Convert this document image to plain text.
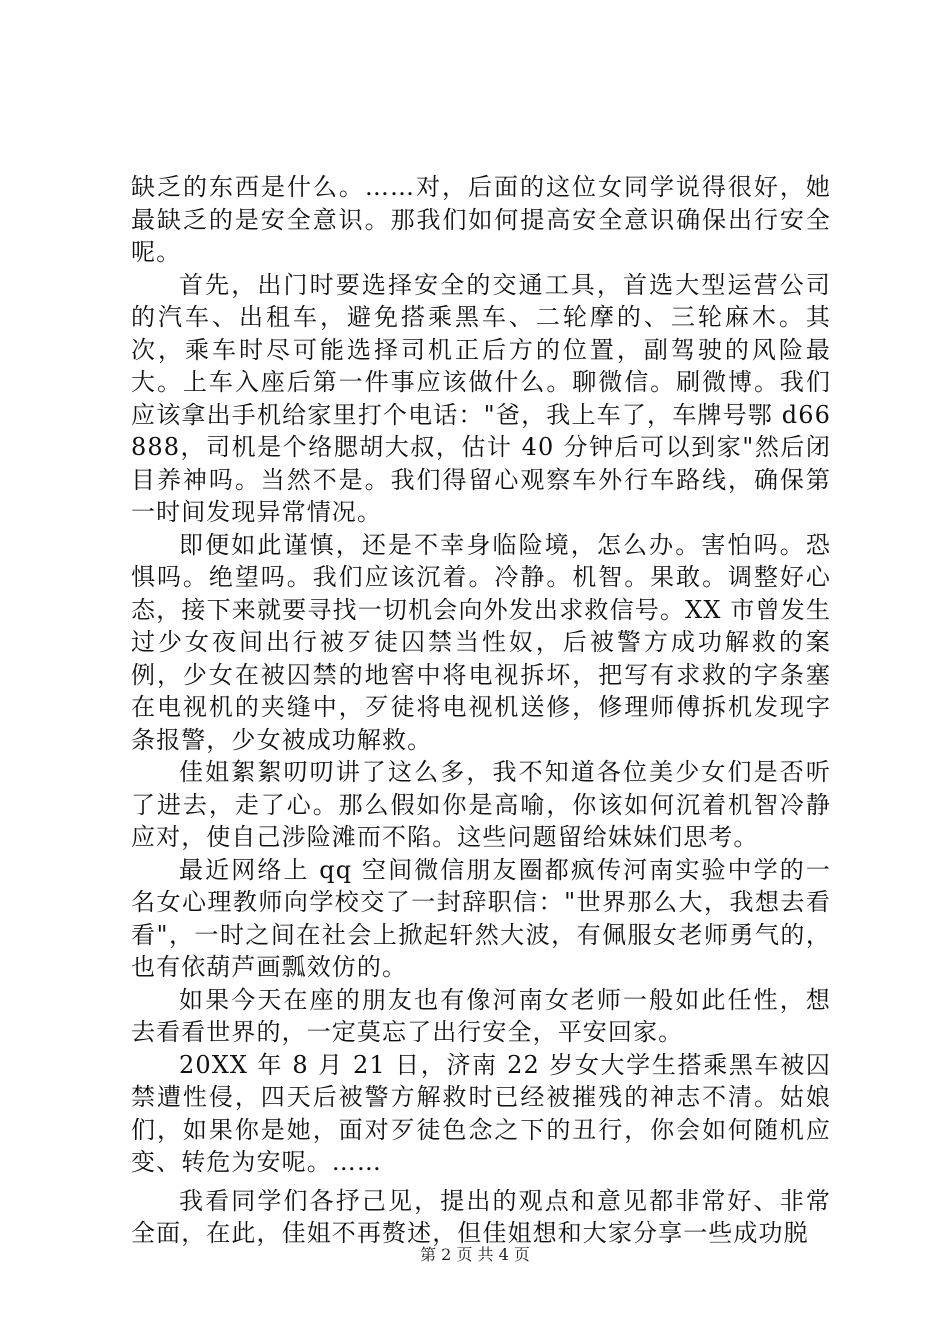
缺乏的东西是什么。……对，后面的这位女同学说得很好，她最缺乏的是安全意识。那我们如何提高安全意识确保出行安全呢。

首先，出门时要选择安全的交通工具，首选大型运营公司的汽车、出租车，避免搭乘黑车、二轮摩的、三轮麻木。其次，乘车时尽可能选择司机正后方的位置，副驾驶的风险最大。上车入座后第一件事应该做什么。聊微信。刷微博。我们应该拿出手机给家里打个电话："爸，我上车了，车牌号鄂 d66888，司机是个络腮胡大叔，估计 40 分钟后可以到家"然后闭目养神吗。当然不是。我们得留心观察车外行车路线，确保第一时间发现异常情况。

即便如此谨慎，还是不幸身临险境，怎么办。害怕吗。恐惧吗。绝望吗。我们应该沉着。冷静。机智。果敢。调整好心态，接下来就要寻找一切机会向外发出求救信号。XX 市曾发生过少女夜间出行被歹徒囚禁当性奴，后被警方成功解救的案例，少女在被囚禁的地窖中将电视拆坏，把写有求救的字条塞在电视机的夹缝中，歹徒将电视机送修，修理师傅拆机发现字条报警，少女被成功解救。

佳姐絮絮叨叨讲了这么多，我不知道各位美少女们是否听了进去，走了心。那么假如你是高喻，你该如何沉着机智冷静应对，使自己涉险滩而不陷。这些问题留给妹妹们思考。

最近网络上 qq 空间微信朋友圈都疯传河南实验中学的一名女心理教师向学校交了一封辞职信："世界那么大，我想去看看"，一时之间在社会上掀起轩然大波，有佩服女老师勇气的，也有依葫芦画瓢效仿的。

如果今天在座的朋友也有像河南女老师一般如此任性，想去看看世界的，一定莫忘了出行安全，平安回家。

20XX 年 8 月 21 日，济南 22 岁女大学生搭乘黑车被囚禁遭性侵，四天后被警方解救时已经被摧残的神志不清。姑娘们，如果你是她，面对歹徒色念之下的丑行，你会如何随机应变、转危为安呢。……

我看同学们各抒己见，提出的观点和意见都非常好、非常全面，在此，佳姐不再赘述，但佳姐想和大家分享一些成功脱

第 2 页 共 4 页
